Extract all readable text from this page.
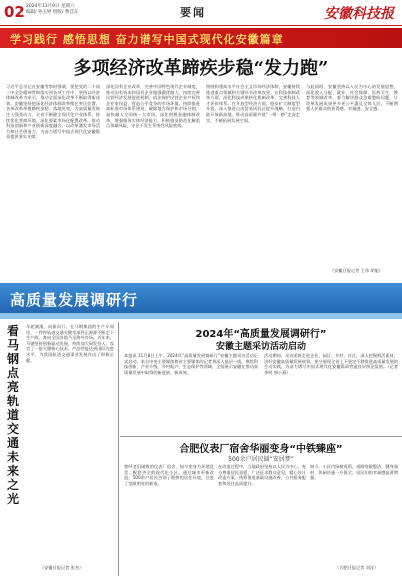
02 2024年11月9日 星期六
编辑/ 孙玉婷 组版/ 曹佳东	要闻	安徽科技报
学习践行 感悟思想 奋力谱写中国式现代化安徽篇章
多项经济改革蹄疾步稳“发力跑”
习近平总书记在安徽考察时强调，要把党的二十届三中全会精神贯彻落实到各项工作中，坚持以经济体制改革为牵引，推动全面深化改革不断取得新成效。安徽坚持把深化经济体制改革摆在突出位置，各项改革举措蹄疾步稳、落地见效，为高质量发展注入强劲动力。全省不断健全现代化产业体系，持续优化营商环境，深化要素市场化配置改革，推动科技创新和产业创新深度融合，以改革激发市场活力和社会创造力，为奋力谱写中国式现代化安徽篇章提供坚实支撑。
深化国有企业改革，完善中国特色现代企业制度，推动国有资本和国有企业做强做优做大。持续完善民营经济发展促进机制，依法保护民营企业产权和企业家权益，营造公平竞争的市场环境。持续推进高标准市场体系建设，破除地方保护和市场分割，加快融入全国统一大市场。深化财税金融体制改革，增强服务实体经济能力，积极稳妥防范化解重点领域风险，守住不发生系统性风险底线。
围绕构建高水平社会主义市场经济体制，安徽持续推进重点领域和关键环节改革攻坚。在科技体制改革方面，深化科技成果转化机制改革，完善科技人才评价体系。在开放型经济方面，稳步扩大制度型开放，深入推进自由贸易试验区提升战略，打造内陆开放新高地，推动高质量共建“一带一路”走深走实，不断拓展发展空间。
与此同时，安徽坚持以人民为中心的发展思想，深化收入分配、就业、社会保障、医药卫生、教育等领域改革，着力解决群众急难愁盼问题，让改革发展成果更多更公平惠及全体人民，不断增强人民群众的获得感、幸福感、安全感。
（安徽日报记者 王玮 胡旭）
高质量发展调研行
看马钢点亮轨道交通未来之光
车轮滚滚，向新而行。在马钢集团的生产车间里，一件件轨道交通关键零部件正源源不断走下生产线，奔向全国各地乃至海外市场。近年来，马钢坚持创新驱动发展，持续加大研发投入，攻克了一批关键核心技术，产品性能达到国际先进水平，为我国轨道交通事业发展作出了积极贡献。
（安徽日报记者 张杰）
2024年“高质量发展调研行”
安徽主题采访活动启动
本报讯 11月8日上午，2024年“高质量发展调研行”安徽主题采访活动正式启动。来自中央主要媒体和省主要媒体的记者将深入基层一线，聚焦科技创新、产业升级、乡村振兴、生态保护等领域，全面展示安徽在推动高质量发展中取得的新进展、新成效。
活动期间，采访团将走进企业、园区、乡村、社区，深入挖掘鲜活素材，讲好安徽高质量发展故事，充分展现全省上下坚定不移推进高质量发展的生动实践，为奋力谱写中国式现代化安徽篇章营造良好舆论氛围。（记者 李明 郭小燕）
合肥仪表厂宿舍华丽变身“中铁臻座”
500余户居民圆“安居梦”
曾经老旧破败的仪表厂宿舍，如今变身为环境优美、配套齐全的现代化小区。通过城市更新改造，500余户居民告别了拥挤的居住环境，住进了宽敞明亮的新家。
在改造过程中，当地政府坚持以人民为中心，充分尊重居民意愿，广泛征求群众意见，精心设计改造方案，统筹推进基础设施改善、公共服务配套和居住品质提升。
如今，小区内绿树成荫，道路宽敞整洁，健身器材、休闲设施一应俱全，居民们的幸福感显著增强。
（合肥日报记者 刘洋）
